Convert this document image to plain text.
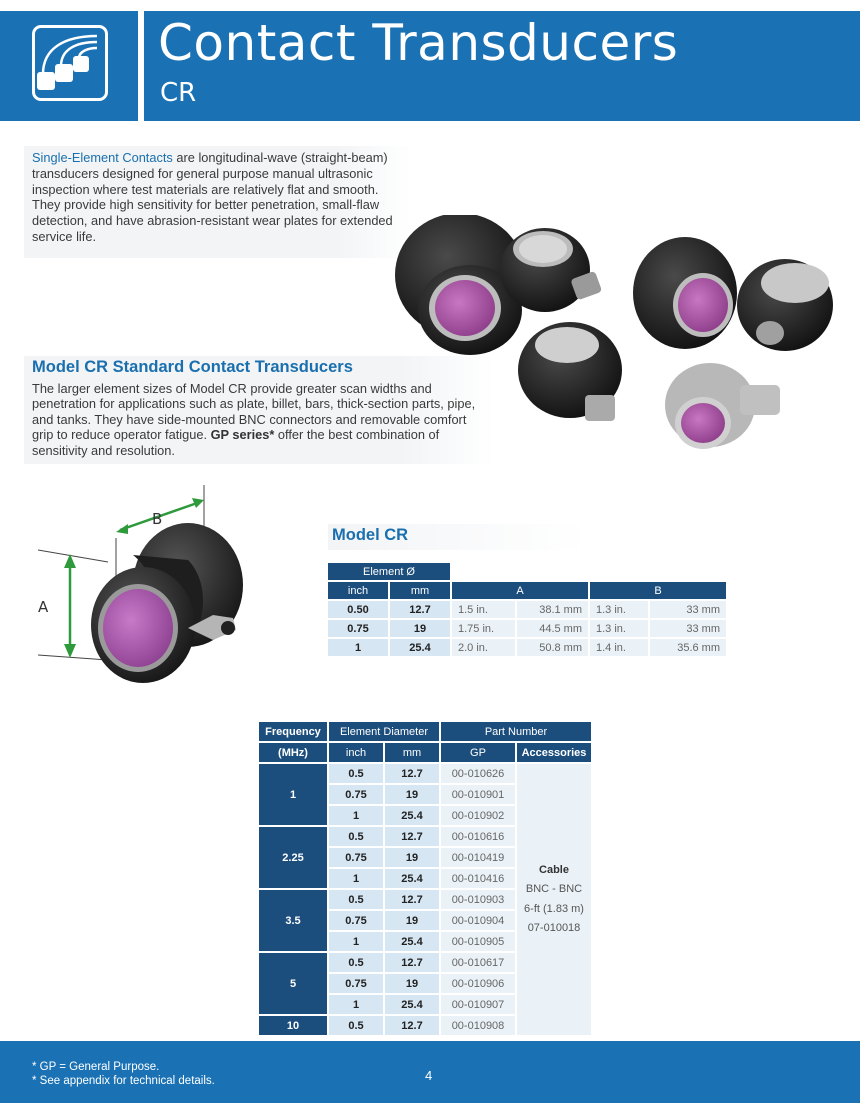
Contact Transducers
CR
Single-Element Contacts are longitudinal-wave (straight-beam) transducers designed for general purpose manual ultrasonic inspection where test materials are relatively flat and smooth. They provide high sensitivity for better penetration, small-flaw detection, and have abrasion-resistant wear plates for extended service life.
Model CR Standard Contact Transducers
The larger element sizes of Model CR provide greater scan widths and penetration for applications such as plate, billet, bars, thick-section parts, pipe, and tanks. They have side-mounted BNC connectors and removable comfort grip to reduce operator fatigue. GP series* offer the best combination of sensitivity and resolution.
B
A
Model CR
Element Ø					
inch	mm	A		B	
0.50	12.7	1.5 in.	38.1 mm	1.3 in.	33 mm
0.75	19	1.75 in.	44.5 mm	1.3 in.	33 mm
1	25.4	2.0 in.	50.8 mm	1.4 in.	35.6 mm
Frequency	Element Diameter		Part Number	
(MHz)	inch	mm	GP	Accessories
1	0.5	12.7	00-010626	Cable
BNC - BNC
6-ft (1.83 m)
07-010018

	0.75	19	00-010901	
	1	25.4	00-010902	
2.25	0.5	12.7	00-010616	
	0.75	19	00-010419	
	1	25.4	00-010416	
3.5	0.5	12.7	00-010903	
	0.75	19	00-010904	
	1	25.4	00-010905	
5	0.5	12.7	00-010617	
	0.75	19	00-010906	
	1	25.4	00-010907	
10	0.5	12.7	00-010908	
* GP = General Purpose.
* See appendix for technical details.	4
